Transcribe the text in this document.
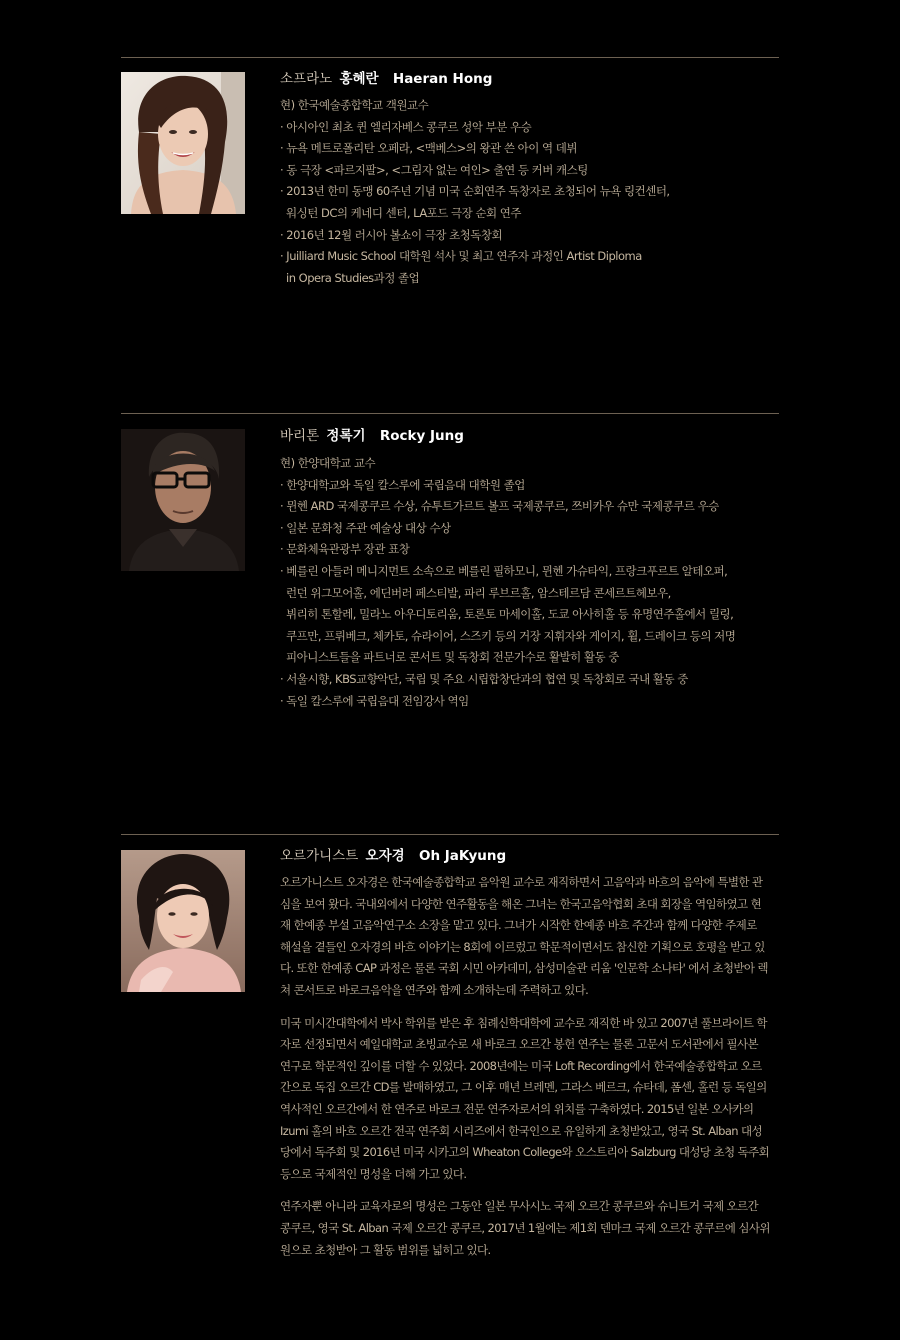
소프라노 홍혜란 Haeran Hong
현) 한국예술종합학교 객원교수
· 아시아인 최초 퀸 엘리자베스 콩쿠르 성악 부분 우승
· 뉴욕 메트로폴리탄 오페라, <맥베스>의 왕관 쓴 아이 역 데뷔
· 동 극장 <파르지팔>, <그림자 없는 여인> 출연 등 커버 캐스팅
· 2013년 한미 동맹 60주년 기념 미국 순회연주 독창자로 초청되어 뉴욕 링컨센터,
워싱턴 DC의 케네디 센터, LA포드 극장 순회 연주
· 2016년 12월 러시아 볼쇼이 극장 초청독창회
· Juilliard Music School 대학원 석사 및 최고 연주자 과정인 Artist Diploma
in Opera Studies과정 졸업
바리톤 정록기 Rocky Jung
현) 한양대학교 교수
· 한양대학교와 독일 칼스루에 국립음대 대학원 졸업
· 뮌헨 ARD 국제콩쿠르 수상, 슈투트가르트 볼프 국제콩쿠르, 쯔비카우 슈만 국제콩쿠르 우승
· 일본 문화청 주관 예술상 대상 수상
· 문화체육관광부 장관 표창
· 베를린 아들러 메니지먼트 소속으로 베를린 필하모니, 뮌헨 가슈타익, 프랑크푸르트 알테오퍼,
런던 위그모어홀, 에딘버러 페스티발, 파리 루브르홀, 암스테르담 콘세르트헤보우,
뷔리히 톤할레, 밀라노 아우디토리움, 토론토 마세이홀, 도쿄 아사히홀 등 유명연주홀에서 릴링,
쿠프만, 프뤼베크, 체카토, 슈라이어, 스즈키 등의 거장 지휘자와 게이지, 휠, 드레이크 등의 저명
피아니스트들을 파트너로 콘서트 및 독창회 전문가수로 활발히 활동 중
· 서울시향, KBS교향악단, 국립 및 주요 시립합창단과의 협연 및 독창회로 국내 활동 중
· 독일 칼스루에 국립음대 전임강사 역임
오르가니스트 오자경 Oh JaKyung

오르가니스트 오자경은 한국예술종합학교 음악원 교수로 재직하면서 고음악과 바흐의 음악에 특별한 관심을 보여 왔다. 국내외에서 다양한 연주활동을 해온 그녀는 한국고음악협회 초대 회장을 역임하였고 현재 한예종 부설 고음악연구소 소장을 맡고 있다. 그녀가 시작한 한예종 바흐 주간과 함께 다양한 주제로 해설을 곁들인 오자경의 바흐 이야기는 8회에 이르렀고 학문적이면서도 참신한 기획으로 호평을 받고 있다. 또한 한예종 CAP 과정은 물론 국회 시민 아카데미, 삼성미술관 리움 '인문학 소나타' 에서 초청받아 렉쳐 콘서트로 바로크음악을 연주와 함께 소개하는데 주력하고 있다.

미국 미시간대학에서 박사 학위를 받은 후 침례신학대학에 교수로 재직한 바 있고 2007년 풀브라이트 학자로 선정되면서 예일대학교 초빙교수로 새 바로크 오르간 봉헌 연주는 물론 고문서 도서관에서 필사본 연구로 학문적인 깊이를 더할 수 있었다. 2008년에는 미국 Loft Recording에서 한국예술종합학교 오르간으로 독집 오르간 CD를 발매하였고, 그 이후 매년 브레멘, 그라스 베르크, 슈타데, 폼센, 홀런 등 독일의 역사적인 오르간에서 한 연주로 바로크 전문 연주자로서의 위치를 구축하였다. 2015년 일본 오사카의 Izumi 홀의 바흐 오르간 전곡 연주회 시리즈에서 한국인으로 유일하게 초청받았고, 영국 St. Alban 대성당에서 독주회 및 2016년 미국 시카고의 Wheaton College와 오스트리아 Salzburg 대성당 초청 독주회 등으로 국제적인 명성을 더해 가고 있다.

연주자뿐 아니라 교육자로의 명성은 그동안 일본 무사시노 국제 오르간 콩쿠르와 슈니트거 국제 오르간 콩쿠르, 영국 St. Alban 국제 오르간 콩쿠르, 2017년 1월에는 제1회 덴마크 국제 오르간 콩쿠르에 심사위원으로 초청받아 그 활동 범위를 넓히고 있다.
